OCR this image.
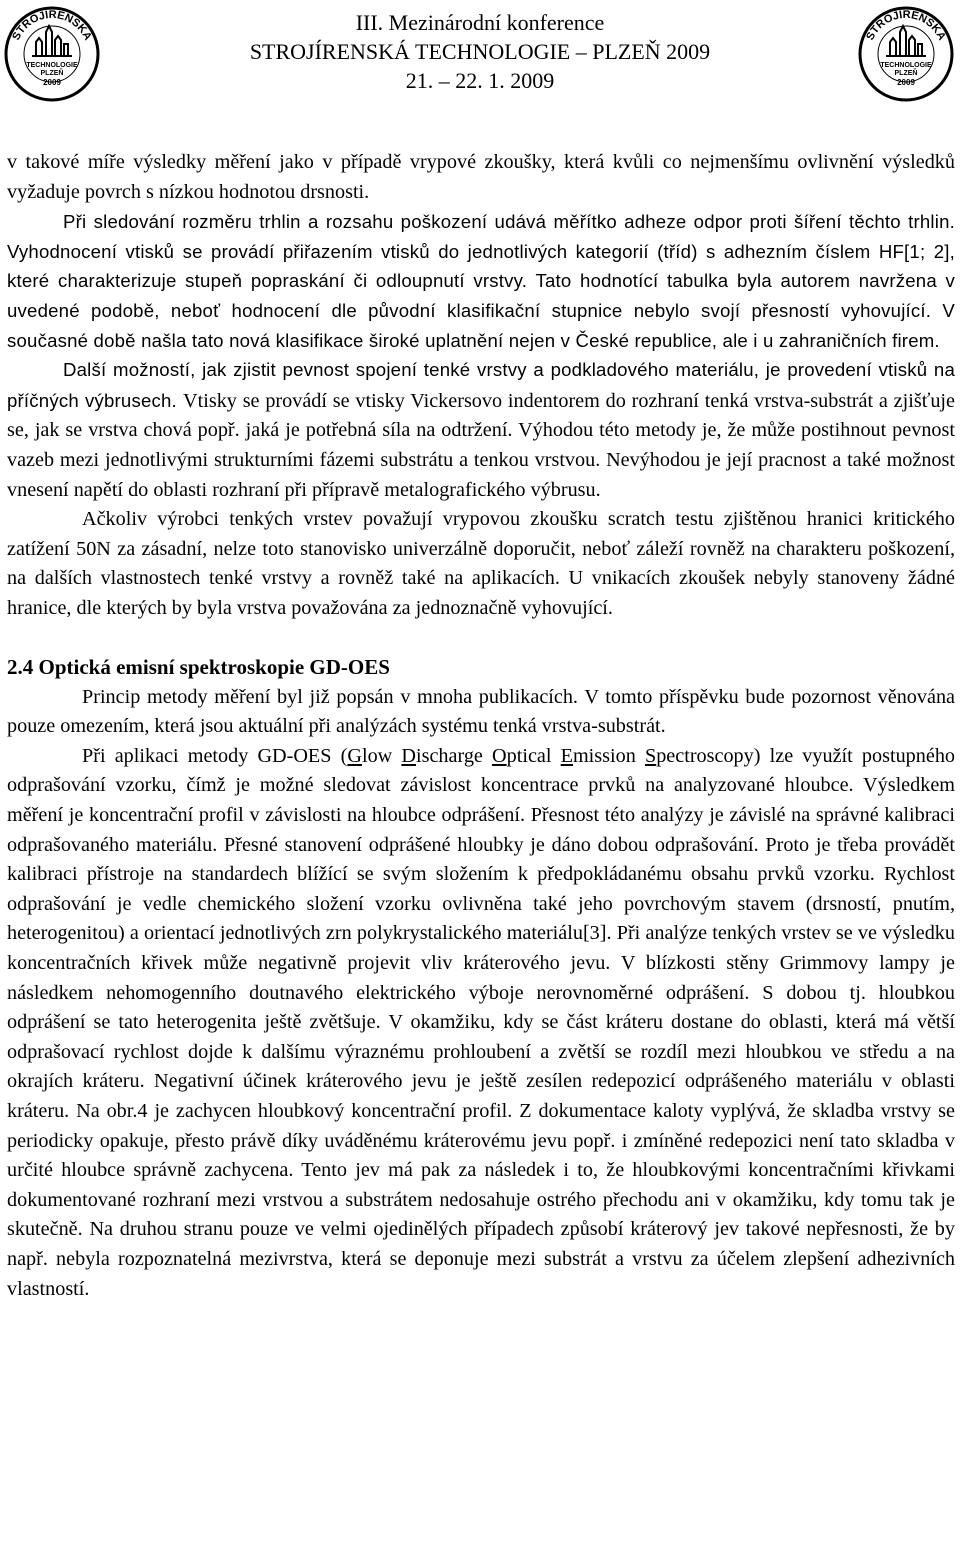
STROJÍRENSKÁ
TECHNOLOGIE
PLZEŇ
2009
III. Mezinárodní konference
STROJÍRENSKÁ TECHNOLOGIE – PLZEŇ 2009
21. – 22. 1. 2009
STROJÍRENSKÁ
TECHNOLOGIE
PLZEŇ
2009

v takové míře výsledky měření jako v případě vrypové zkoušky, která kvůli co nejmenšímu ovlivnění výsledků vyžaduje povrch s nízkou hodnotou drsnosti.

Při sledování rozměru trhlin a rozsahu poškození udává měřítko adheze odpor proti šíření těchto trhlin. Vyhodnocení vtisků se provádí přiřazením vtisků do jednotlivých kategorií (tříd) s adhezním číslem HF[1; 2], které charakterizuje stupeň popraskání či odloupnutí vrstvy. Tato hodnotící tabulka byla autorem navržena v uvedené podobě, neboť hodnocení dle původní klasifikační stupnice nebylo svojí přesností vyhovující. V současné době našla tato nová klasifikace široké uplatnění nejen v České republice, ale i u zahraničních firem.

Další možností, jak zjistit pevnost spojení tenké vrstvy a podkladového materiálu, je provedení vtisků na příčných výbrusech. Vtisky se provádí se vtisky Vickersovo indentorem do rozhraní tenká vrstva-substrát a zjišťuje se, jak se vrstva chová popř. jaká je potřebná síla na odtržení. Výhodou této metody je, že může postihnout pevnost vazeb mezi jednotlivými strukturními fázemi substrátu a tenkou vrstvou. Nevýhodou je její pracnost a také možnost vnesení napětí do oblasti rozhraní při přípravě metalografického výbrusu.

Ačkoliv výrobci tenkých vrstev považují vrypovou zkoušku scratch testu zjištěnou hranici kritického zatížení 50N za zásadní, nelze toto stanovisko univerzálně doporučit, neboť záleží rovněž na charakteru poškození, na dalších vlastnostech tenké vrstvy a rovněž také na aplikacích. U vnikacích zkoušek nebyly stanoveny žádné hranice, dle kterých by byla vrstva považována za jednoznačně vyhovující.

2.4 Optická emisní spektroskopie GD-OES

Princip metody měření byl již popsán v mnoha publikacích. V tomto příspěvku bude pozornost věnována pouze omezením, která jsou aktuální při analýzách systému tenká vrstva-substrát.

Při aplikaci metody GD-OES (Glow Discharge Optical Emission Spectroscopy) lze využít postupného odprašování vzorku, čímž je možné sledovat závislost koncentrace prvků na analyzované hloubce. Výsledkem měření je koncentrační profil v závislosti na hloubce odprášení. Přesnost této analýzy je závislé na správné kalibraci odprašovaného materiálu. Přesné stanovení odprášené hloubky je dáno dobou odprašování. Proto je třeba provádět kalibraci přístroje na standardech blížící se svým složením k předpokládanému obsahu prvků vzorku. Rychlost odprašování je vedle chemického složení vzorku ovlivněna také jeho povrchovým stavem (drsností, pnutím, heterogenitou) a orientací jednotlivých zrn polykrystalického materiálu[3]. Při analýze tenkých vrstev se ve výsledku koncentračních křivek může negativně projevit vliv kráterového jevu. V blízkosti stěny Grimmovy lampy je následkem nehomogenního doutnavého elektrického výboje nerovnoměrné odprášení. S dobou tj. hloubkou odprášení se tato heterogenita ještě zvětšuje. V okamžiku, kdy se část kráteru dostane do oblasti, která má větší odprašovací rychlost dojde k dalšímu výraznému prohloubení a zvětší se rozdíl mezi hloubkou ve středu a na okrajích kráteru. Negativní účinek kráterového jevu je ještě zesílen redepozicí odprášeného materiálu v oblasti kráteru. Na obr.4 je zachycen hloubkový koncentrační profil. Z dokumentace kaloty vyplývá, že skladba vrstvy se periodicky opakuje, přesto právě díky uváděnému kráterovému jevu popř. i zmíněné redepozici není tato skladba v určité hloubce správně zachycena. Tento jev má pak za následek i to, že hloubkovými koncentračními křivkami dokumentované rozhraní mezi vrstvou a substrátem nedosahuje ostrého přechodu ani v okamžiku, kdy tomu tak je skutečně. Na druhou stranu pouze ve velmi ojedinělých případech způsobí kráterový jev takové nepřesnosti, že by např. nebyla rozpoznatelná mezivrstva, která se deponuje mezi substrát a vrstvu za účelem zlepšení adhezivních vlastností.
